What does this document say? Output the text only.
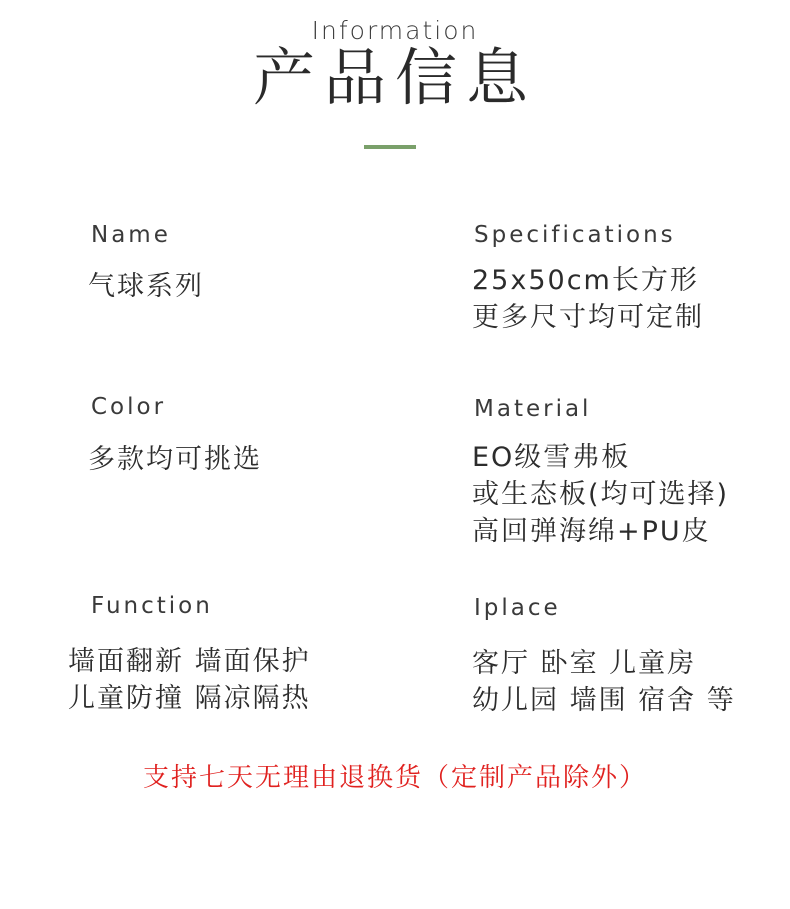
Information
产品信息
Name
气球系列
Specifications
25x50cm长方形
更多尺寸均可定制
Color
多款均可挑选
Material
EO级雪弗板
或生态板(均可选择)
高回弹海绵+PU皮
Function
墙面翻新 墙面保护
儿童防撞 隔凉隔热
Iplace
客厅 卧室 儿童房
幼儿园 墙围 宿舍 等
支持七天无理由退换货（定制产品除外）
